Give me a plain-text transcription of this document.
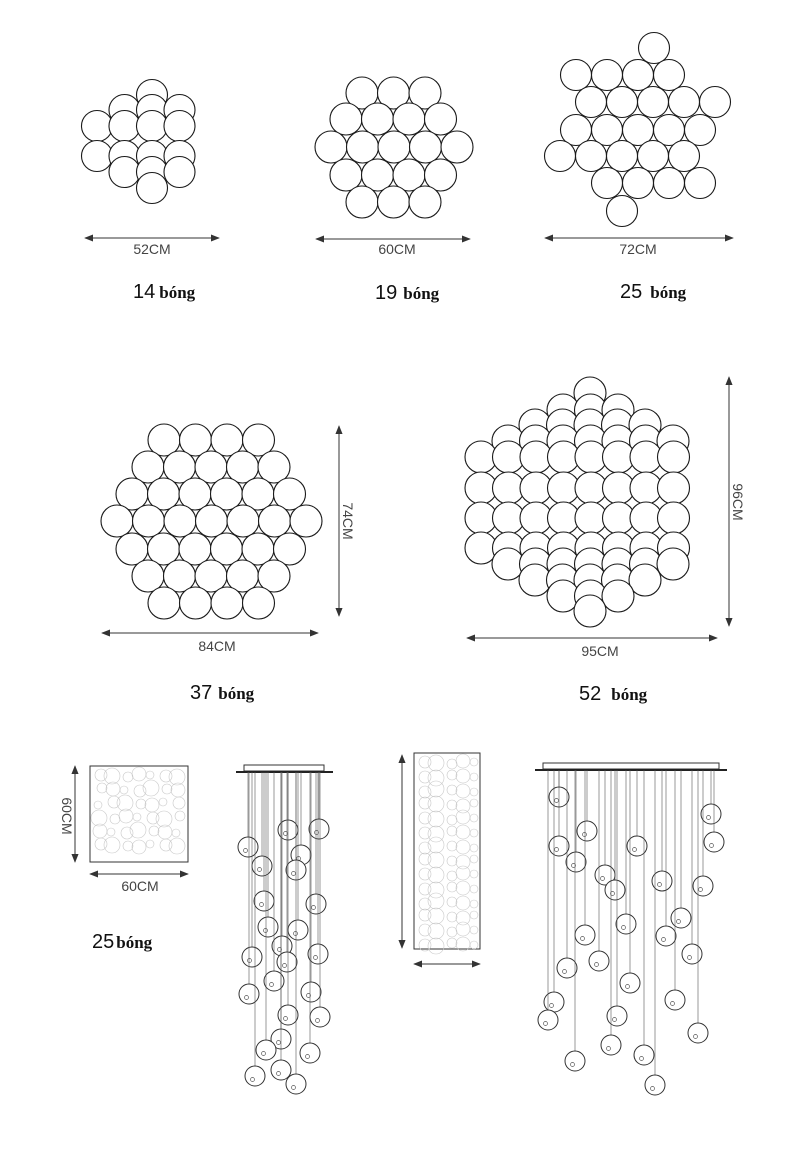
52CM
14 bóng
60CM
19 bóng
72CM
25 bóng
74CM
84CM
37 bóng
96CM
95CM
52 bóng
60CM
60CM
25 bóng
